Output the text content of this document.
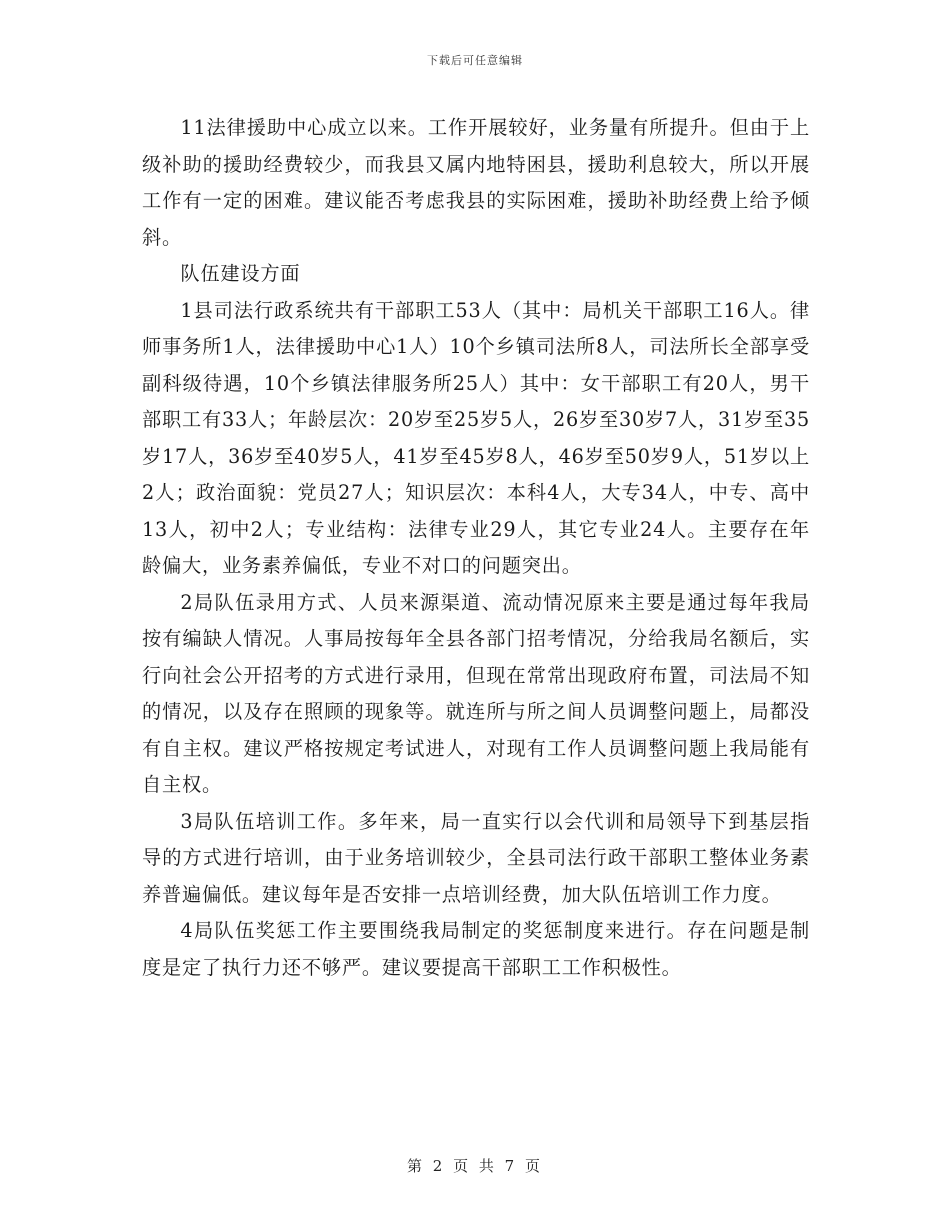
下载后可任意编辑

11法律援助中心成立以来。工作开展较好，业务量有所提升。但由于上级补助的援助经费较少，而我县又属内地特困县，援助利息较大，所以开展工作有一定的困难。建议能否考虑我县的实际困难，援助补助经费上给予倾斜。

队伍建设方面

1县司法行政系统共有干部职工53人（其中：局机关干部职工16人。律师事务所1人，法律援助中心1人）10个乡镇司法所8人，司法所长全部享受副科级待遇，10个乡镇法律服务所25人）其中：女干部职工有20人，男干部职工有33人；年龄层次：20岁至25岁5人，26岁至30岁7人，31岁至35岁17人，36岁至40岁5人，41岁至45岁8人，46岁至50岁9人，51岁以上2人；政治面貌：党员27人；知识层次：本科4人，大专34人，中专、高中13人，初中2人；专业结构：法律专业29人，其它专业24人。主要存在年龄偏大，业务素养偏低，专业不对口的问题突出。

2局队伍录用方式、人员来源渠道、流动情况原来主要是通过每年我局按有编缺人情况。人事局按每年全县各部门招考情况，分给我局名额后，实行向社会公开招考的方式进行录用，但现在常常出现政府布置，司法局不知的情况，以及存在照顾的现象等。就连所与所之间人员调整问题上，局都没有自主权。建议严格按规定考试进人，对现有工作人员调整问题上我局能有自主权。

3局队伍培训工作。多年来，局一直实行以会代训和局领导下到基层指导的方式进行培训，由于业务培训较少，全县司法行政干部职工整体业务素养普遍偏低。建议每年是否安排一点培训经费，加大队伍培训工作力度。

4局队伍奖惩工作主要围绕我局制定的奖惩制度来进行。存在问题是制度是定了执行力还不够严。建议要提高干部职工工作积极性。

第 2 页 共 7 页
